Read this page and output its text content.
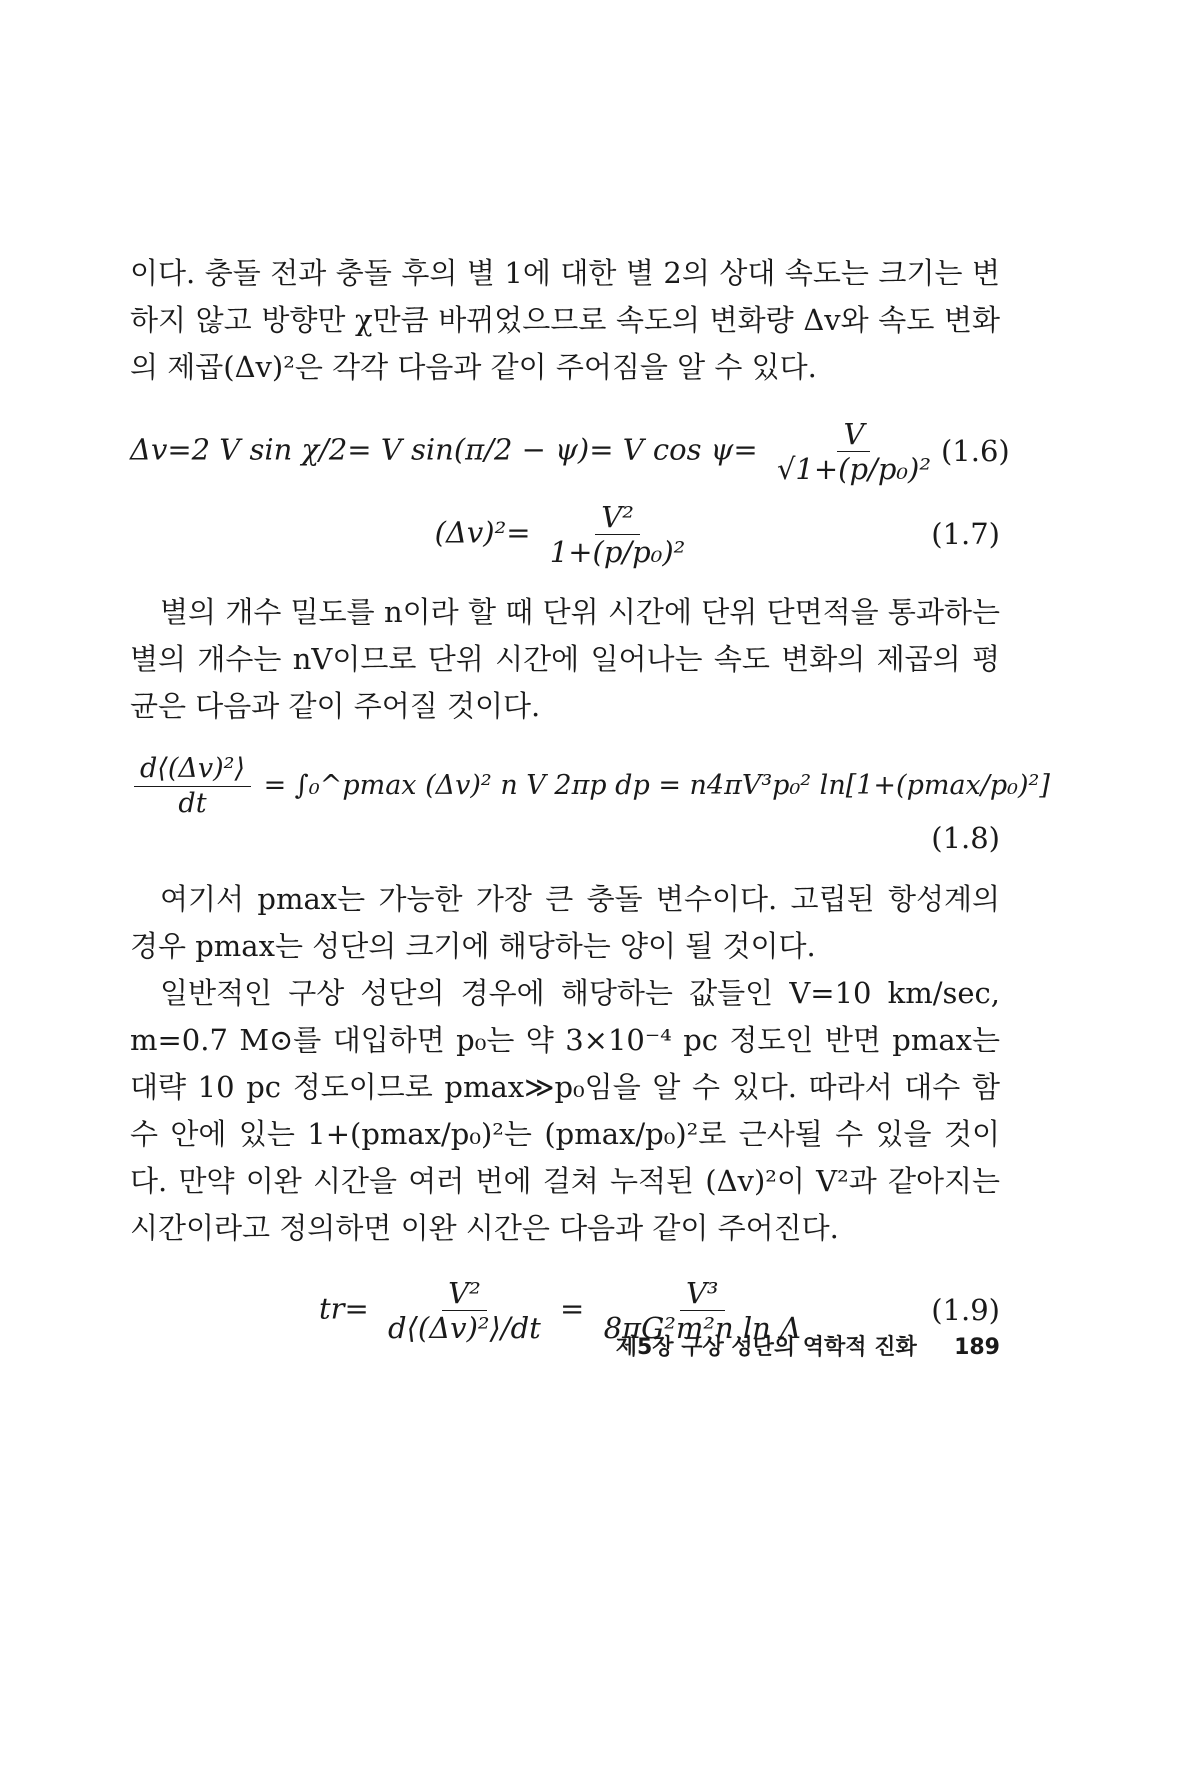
이다. 충돌 전과 충돌 후의 별 1에 대한 별 2의 상대 속도는 크기는 변하지 않고 방향만 χ만큼 바뀌었으므로 속도의 변화량 Δv와 속도 변화의 제곱(Δv)²은 각각 다음과 같이 주어짐을 알 수 있다.

Δv=2 V sin χ/2= V sin(π/2 − ψ)= V $\cos \psi= \frac{V}{\text{√1+(p/p₀)²}} (1.6)$
$(\Delta v)^2= \frac{\text{V²}}{\text{1+(p/p₀)²}}$	(1.7)

별의 개수 밀도를 n이라 할 때 단위 시간에 단위 단면적을 통과하는 별의 개수는 nV이므로 단위 시간에 일어나는 속도 변화의 제곱의 평균은 다음과 같이 주어질 것이다.

$\frac{\text{d⟨(Δv)²⟩}}{dt}$ = ∫₀^pmax (Δv)² n V 2πp dp = n4πV³p₀² ln[1+(pmax/p₀)²]
(1.8)

여기서 pmax는 가능한 가장 큰 충돌 변수이다. 고립된 항성계의 경우 pmax는 성단의 크기에 해당하는 양이 될 것이다.

일반적인 구상 성단의 경우에 해당하는 값들인 V=10 km/sec, m=0.7 M⊙를 대입하면 p₀는 약 3×10⁻⁴ pc 정도인 반면 pmax는 대략 10 pc 정도이므로 pmax≫p₀임을 알 수 있다. 따라서 대수 함수 안에 있는 1+(pmax/p₀)²는 (pmax/p₀)²로 근사될 수 있을 것이다. 만약 이완 시간을 여러 번에 걸쳐 누적된 (Δv)²이 V²과 같아지는 시간이라고 정의하면 이완 시간은 다음과 같이 주어진다.

$tr= \frac{\text{V²}}{\text{d⟨(Δv)²⟩/dt}} = \frac{\text{V³}}{\text{8πG²m²n ln Λ}}$	(1.9)
제5장 구상 성단의 역학적 진화 189
